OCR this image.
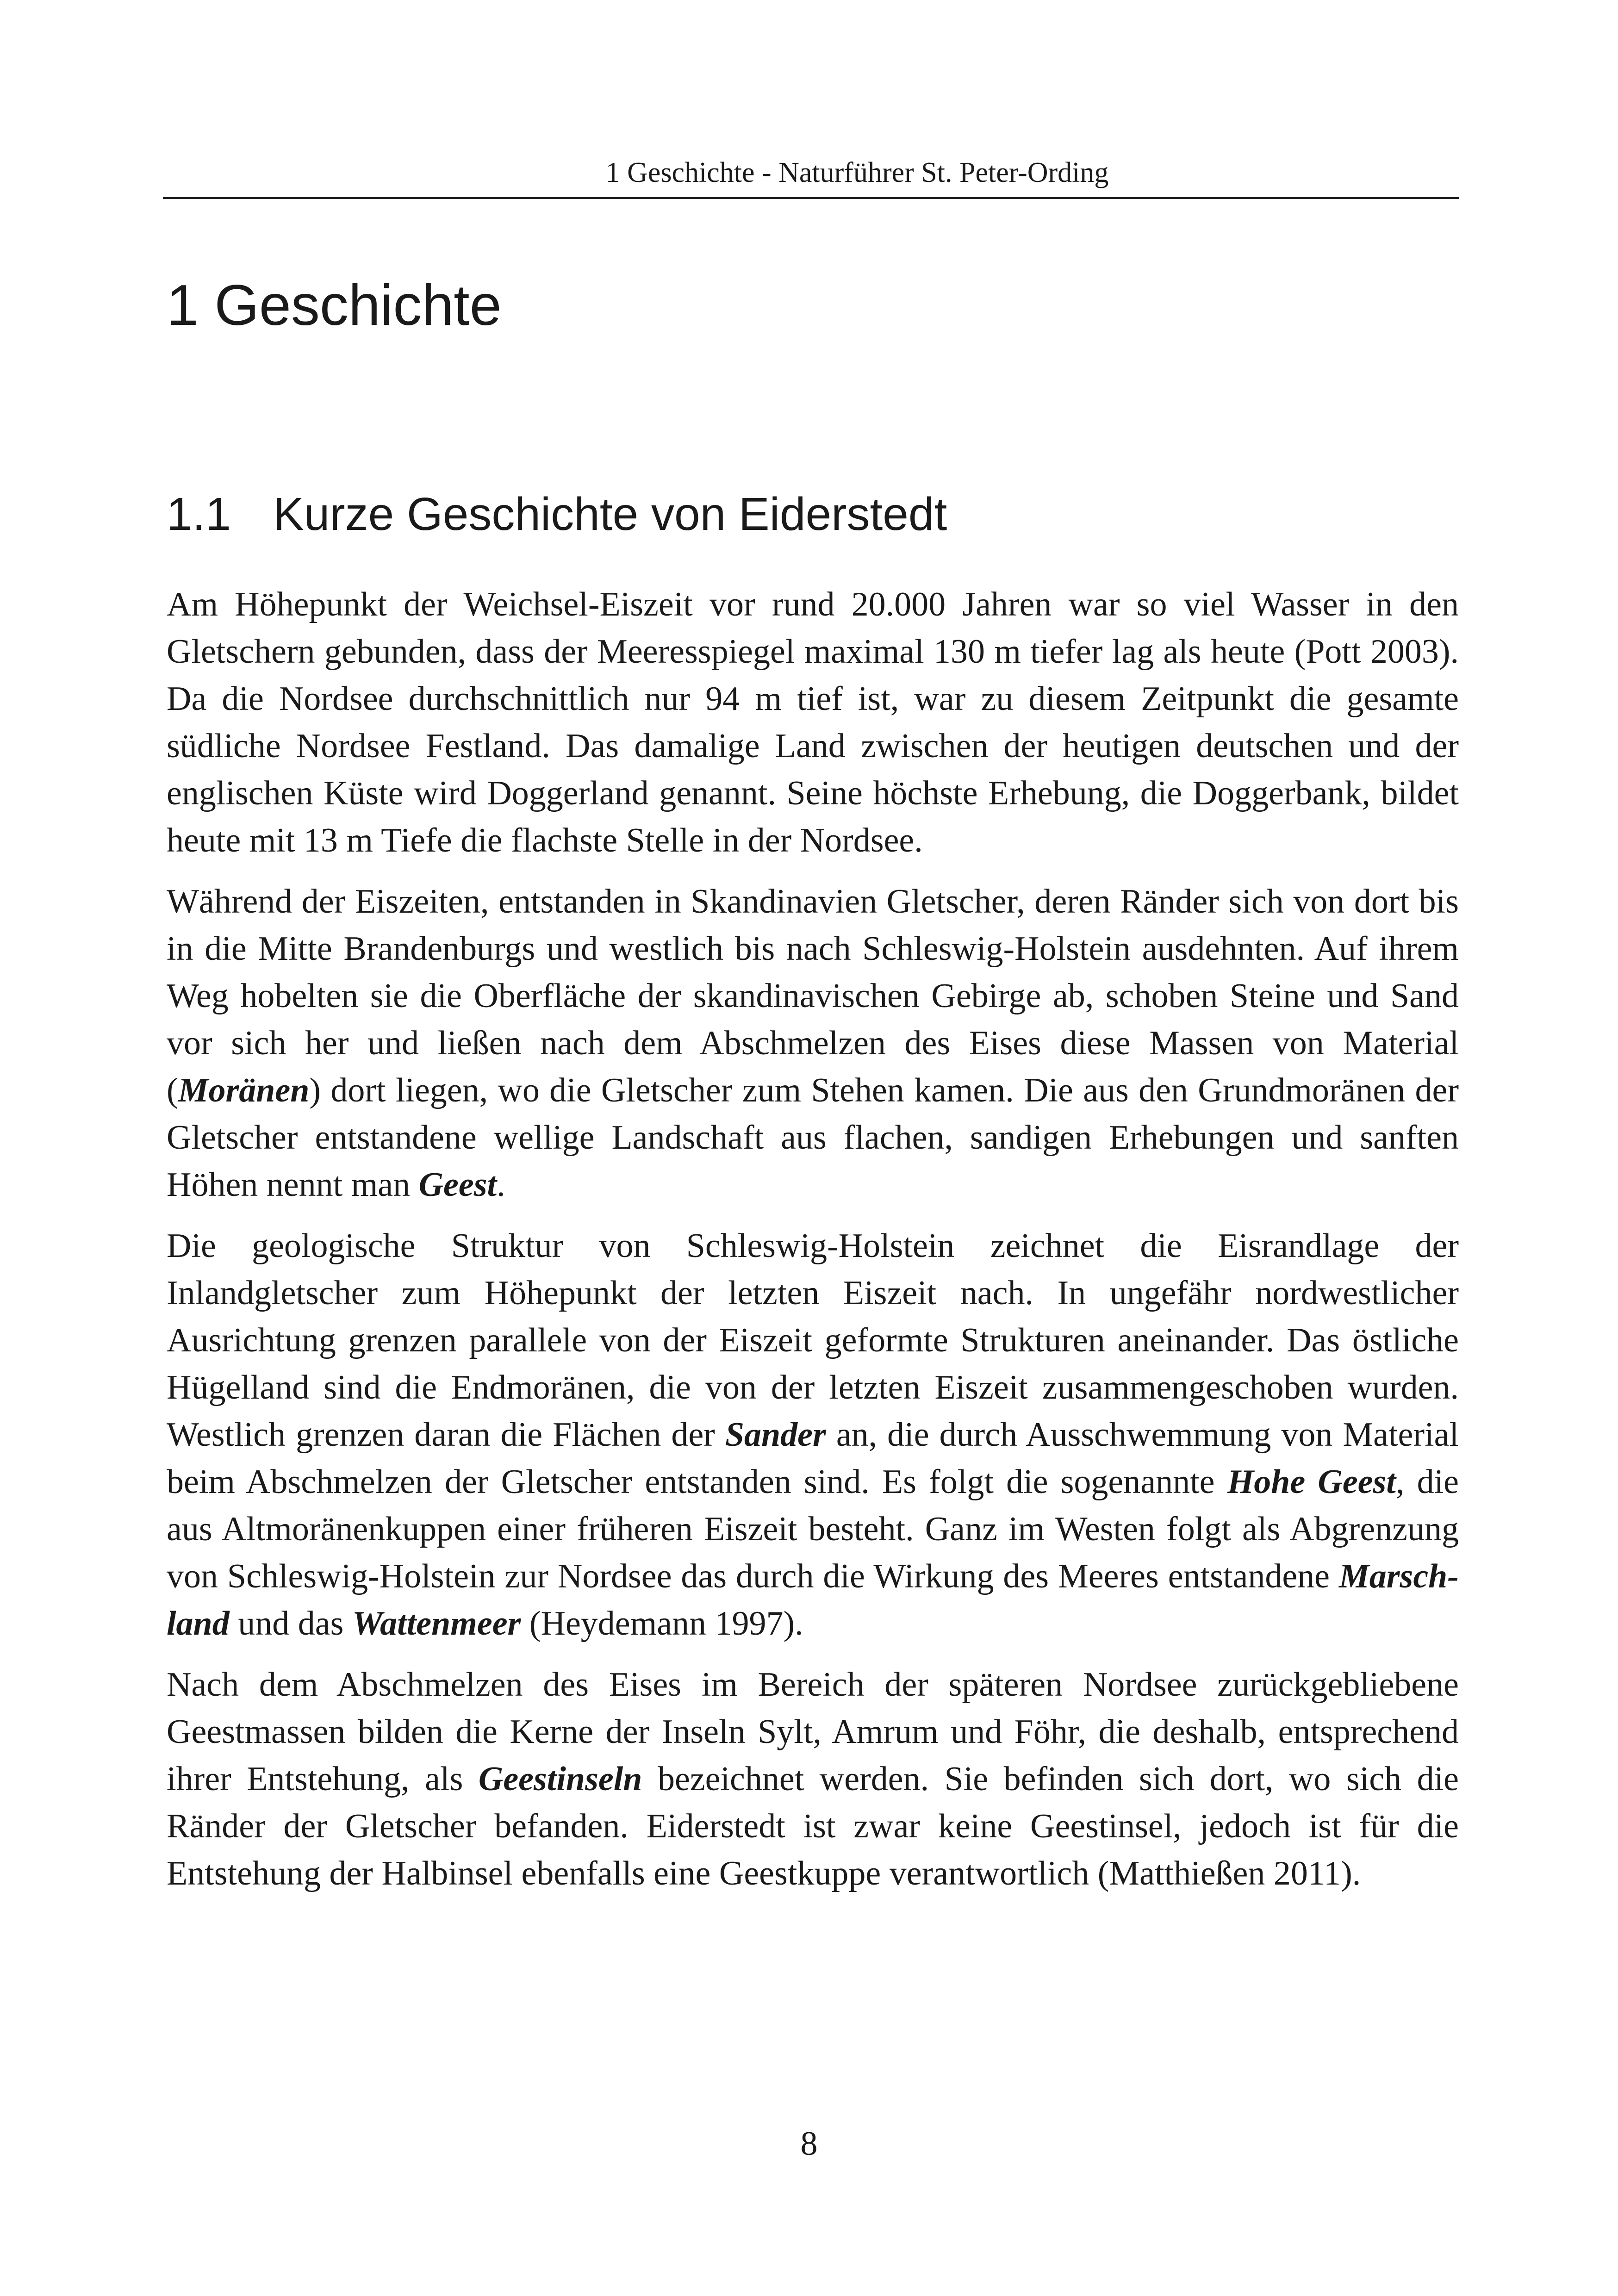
1 Geschichte - Naturführer St. Peter-Ording
1 Geschichte
1.1 Kurze Geschichte von Eiderstedt

Am Höhepunkt der Weichsel-Eiszeit vor rund 20.000 Jahren war so viel Wasser in den Gletschern gebunden, dass der Meeresspiegel maximal 130 m tiefer lag als heute (Pott 2003). Da die Nordsee durchschnittlich nur 94 m tief ist, war zu diesem Zeitpunkt die gesamte südliche Nordsee Festland. Das damalige Land zwischen der heutigen deutschen und der englischen Küste wird Doggerland genannt. Seine höchste Erhebung, die Doggerbank, bildet heute mit 13 m Tiefe die flachste Stelle in der Nordsee.

Während der Eiszeiten, entstanden in Skandinavien Gletscher, deren Ränder sich von dort bis in die Mitte Brandenburgs und westlich bis nach Schleswig-Holstein ausdehnten. Auf ihrem Weg hobelten sie die Oberfläche der skandinavischen Gebirge ab, schoben Steine und Sand vor sich her und ließen nach dem Abschmelzen des Eises diese Massen von Material (Moränen) dort liegen, wo die Gletscher zum Stehen kamen. Die aus den Grundmoränen der Gletscher entstandene wellige Landschaft aus flachen, sandigen Erhebungen und sanften Höhen nennt man Geest.

Die geologische Struktur von Schleswig-Holstein zeichnet die Eisrandlage der Inlandgletscher zum Höhepunkt der letzten Eiszeit nach. In ungefähr nordwestlicher Ausrichtung grenzen parallele von der Eiszeit geformte Strukturen aneinander. Das östliche Hügelland sind die Endmoränen, die von der letzten Eiszeit zusammengeschoben wurden. Westlich grenzen daran die Flächen der Sander an, die durch Ausschwemmung von Material beim Abschmelzen der Gletscher entstanden sind. Es folgt die sogenannte Hohe Geest, die aus Altmoränenkuppen einer früheren Eiszeit besteht. Ganz im Westen folgt als Abgrenzung von Schleswig-Holstein zur Nordsee das durch die Wirkung des Meeres entstandene Marschland und das Wattenmeer (Heydemann 1997).

Nach dem Abschmelzen des Eises im Bereich der späteren Nordsee zurückgebliebene Geestmassen bilden die Kerne der Inseln Sylt, Amrum und Föhr, die deshalb, entsprechend ihrer Entstehung, als Geestinseln bezeichnet werden. Sie befinden sich dort, wo sich die Ränder der Gletscher befanden. Eiderstedt ist zwar keine Geestinsel, jedoch ist für die Entstehung der Halbinsel ebenfalls eine Geestkuppe verantwortlich (Matthießen 2011).

8
